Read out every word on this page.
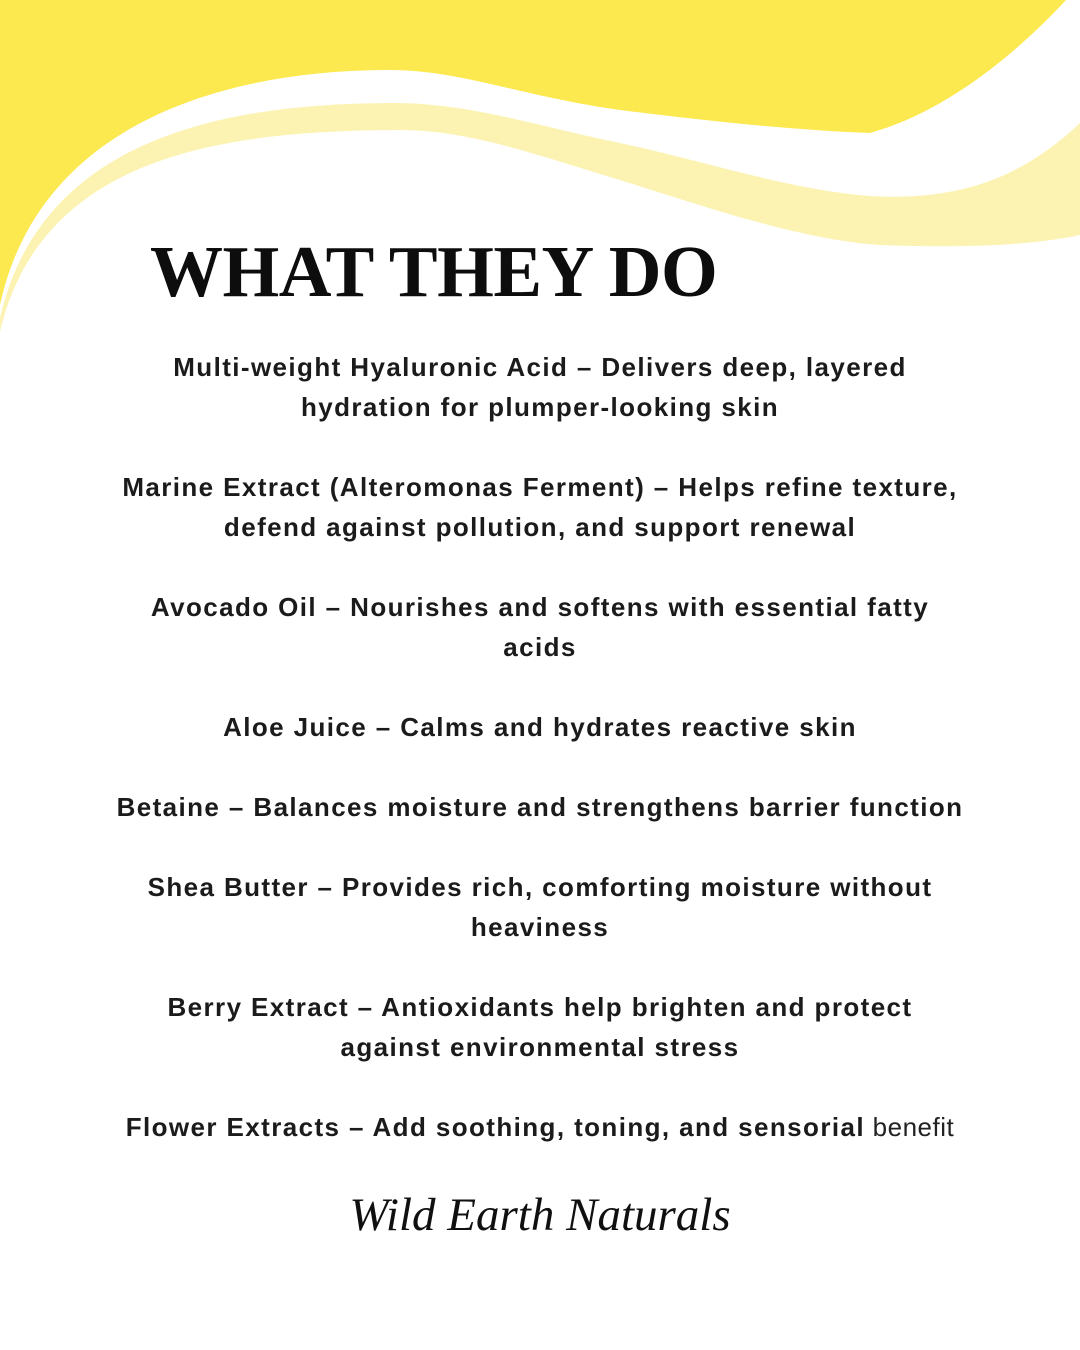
WHAT THEY DO

Multi-weight Hyaluronic Acid – Delivers deep, layered
hydration for plumper-looking skin

Marine Extract (Alteromonas Ferment) – Helps refine texture,
defend against pollution, and support renewal

Avocado Oil – Nourishes and softens with essential fatty
acids

Aloe Juice – Calms and hydrates reactive skin

Betaine – Balances moisture and strengthens barrier function

Shea Butter – Provides rich, comforting moisture without
heaviness

Berry Extract – Antioxidants help brighten and protect
against environmental stress

Flower Extracts – Add soothing, toning, and sensorial benefit

Wild Earth Naturals
